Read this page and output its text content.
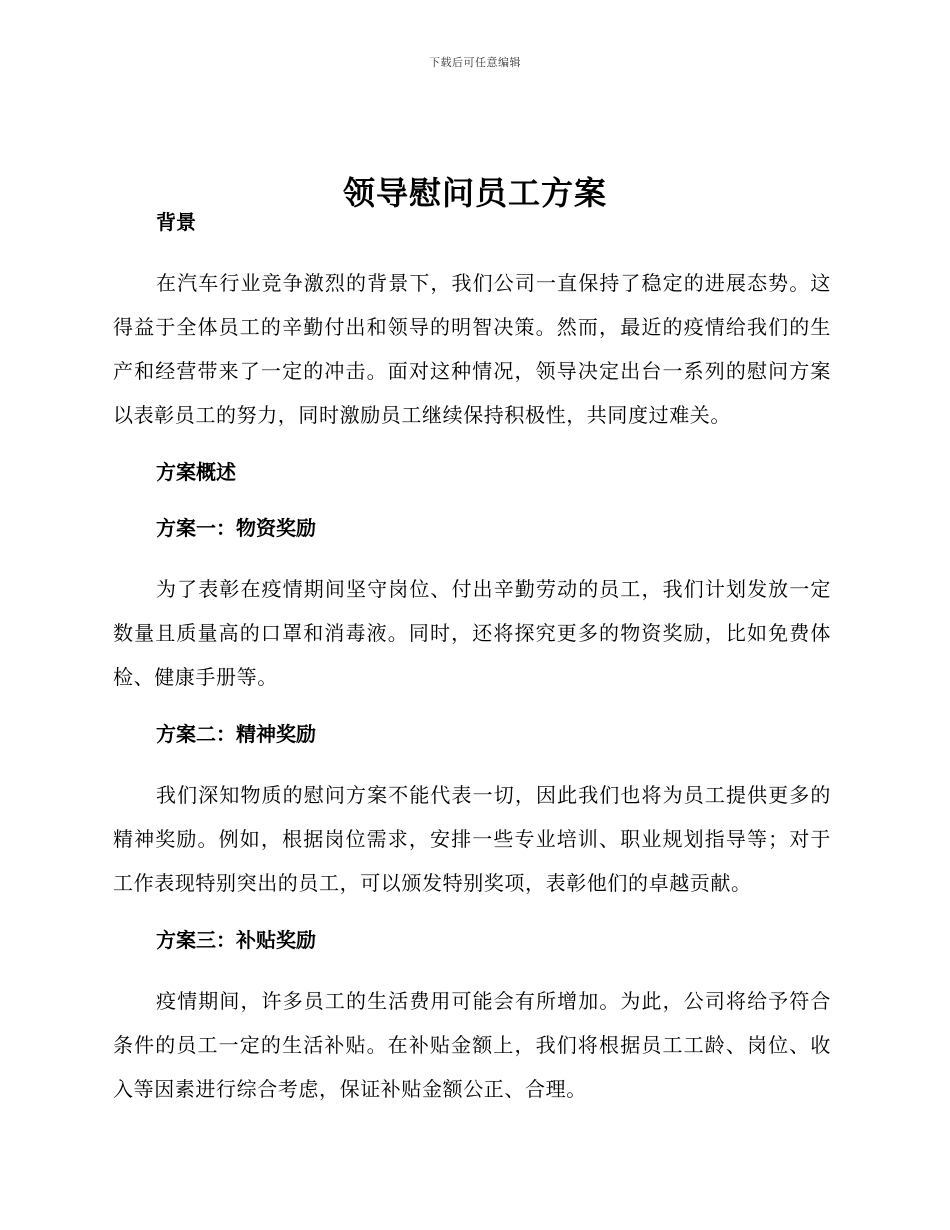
下载后可任意编辑
领导慰问员工方案

背景

在汽车行业竞争激烈的背景下，我们公司一直保持了稳定的进展态势。这得益于全体员工的辛勤付出和领导的明智决策。然而，最近的疫情给我们的生产和经营带来了一定的冲击。面对这种情况，领导决定出台一系列的慰问方案以表彰员工的努力，同时激励员工继续保持积极性，共同度过难关。

方案概述

方案一：物资奖励

为了表彰在疫情期间坚守岗位、付出辛勤劳动的员工，我们计划发放一定数量且质量高的口罩和消毒液。同时，还将探究更多的物资奖励，比如免费体检、健康手册等。

方案二：精神奖励

我们深知物质的慰问方案不能代表一切，因此我们也将为员工提供更多的精神奖励。例如，根据岗位需求，安排一些专业培训、职业规划指导等；对于工作表现特别突出的员工，可以颁发特别奖项，表彰他们的卓越贡献。

方案三：补贴奖励

疫情期间，许多员工的生活费用可能会有所增加。为此，公司将给予符合条件的员工一定的生活补贴。在补贴金额上，我们将根据员工工龄、岗位、收入等因素进行综合考虑，保证补贴金额公正、合理。
